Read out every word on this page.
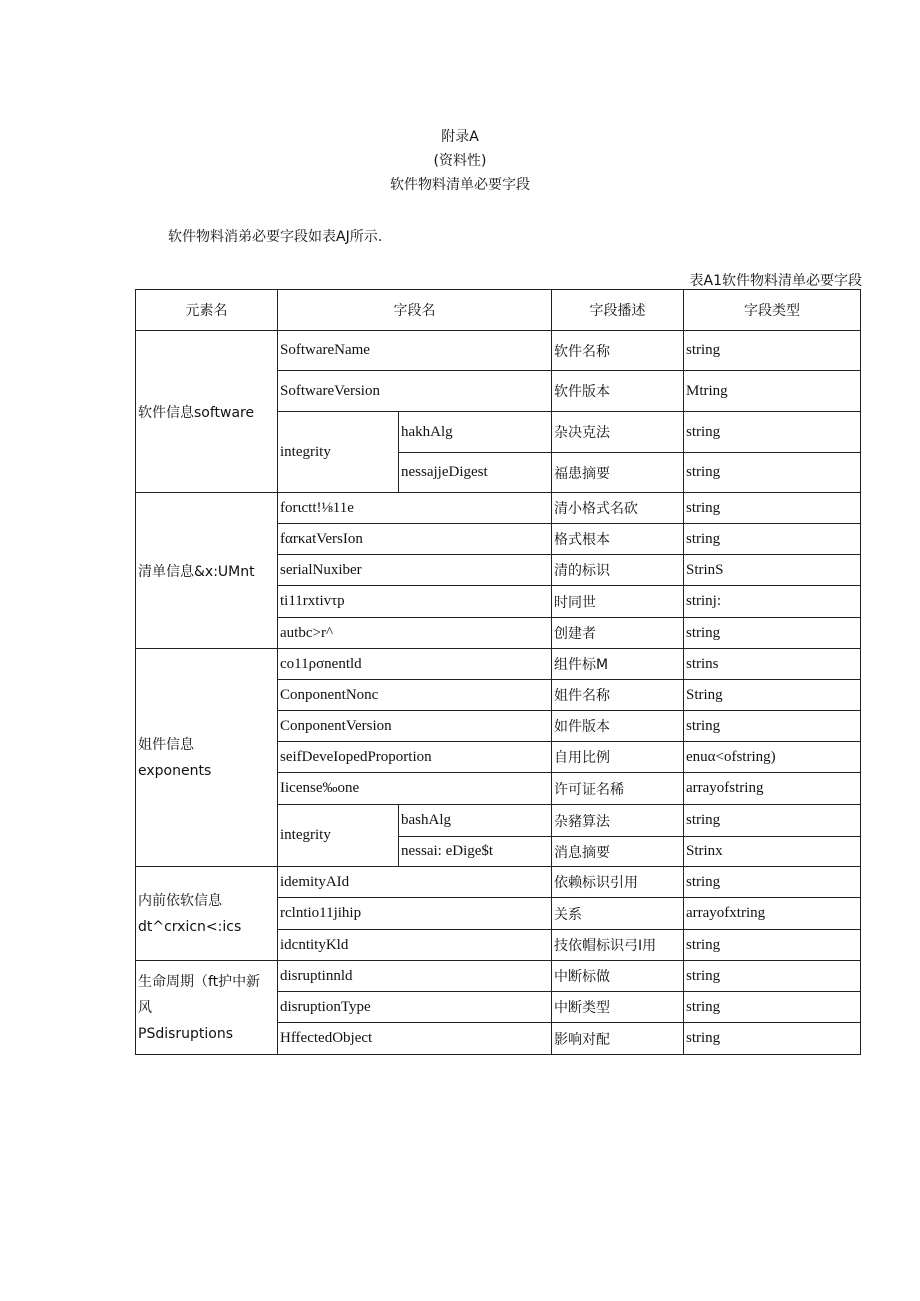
附录A
(资料性)
软件物料清单必要字段
软件物料消弟必要字段如表AJ所示.
表A1软件物料清单必要字段
元素名	字段名		字段播述	字段类型
软件信息software	SoftwareName		软件名称	string
	SoftwareVersion		软件版本	Mtring
	integrity	hakhAlg	杂决克法	string
		nessajjeDigest	福患摘要	string
清单信息&x:UMnt	forιctt!⅛11e		清小格式名砍	string
	fαrκatVersIon		格式根本	string
	serialNuxiber		清的标识	StrinS
	ti11rxtivτp		时同世	strinj:
	autbc>r^		创建者	string

姐件信息
exponents	co11ρσnentld		组件标M	strins
	ConponentNonc		姐件名称	String
	ConponentVersion		如件版本	string
	seifDeveIopedProportion		自用比例	enuα<ofstring)
	Iicense‰one		许可证名稀	arrayofstring
	integrity	bashAlg	杂豬算法	string
		nessai: eDige$t	消息摘要	Strinx

内前依软信息
dt^crxicn<:ics	idemityAId		依赖标识引用	string
	rclntio11jihip		关系	arrayofxtring
	idcntityKld		技依帽标识弓I用	string

生命周期（ft护中新
风
PSdisruptions	disruptinnld		中断标做	string
	disruptionType		中断类型	string
	HffectedObject		影响对配	string
